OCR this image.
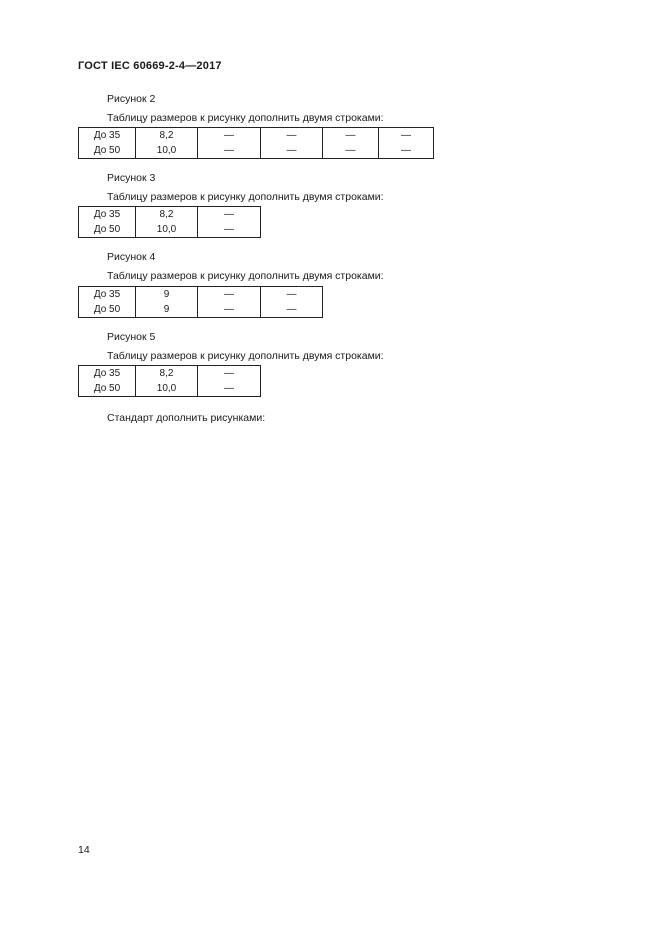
ГОСТ IEC 60669-2-4—2017
Рисунок 2
Таблицу размеров к рисунку дополнить двумя строками:
До 35	8,2	—	—	—	—
До 50	10,0	—	—	—	—
Рисунок 3
Таблицу размеров к рисунку дополнить двумя строками:
До 35	8,2	—
До 50	10,0	—
Рисунок 4
Таблицу размеров к рисунку дополнить двумя строками:
До 35	9	—	—
До 50	9	—	—
Рисунок 5
Таблицу размеров к рисунку дополнить двумя строками:
До 35	8,2	—
До 50	10,0	—
Стандарт дополнить рисунками:
14
